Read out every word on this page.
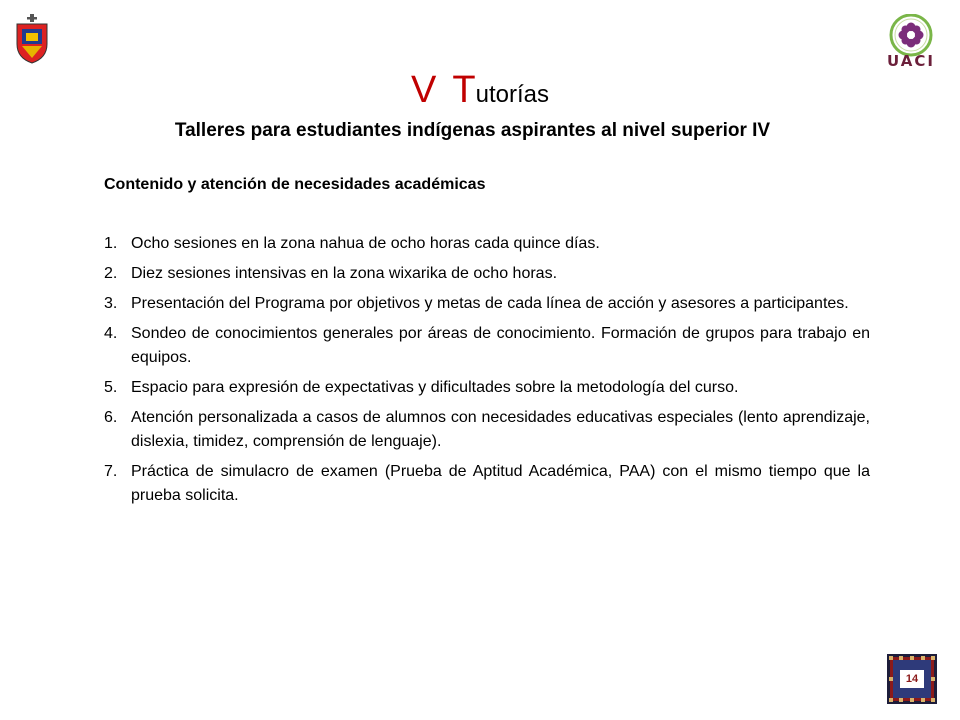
UACI
V Tutorías
Talleres para estudiantes indígenas aspirantes al nivel superior IV
Contenido y atención de necesidades académicas
1. Ocho sesiones en la zona nahua de ocho horas cada quince días.
2. Diez sesiones intensivas en la zona wixarika de ocho horas.
3. Presentación del Programa por objetivos y metas de cada línea de acción y asesores a participantes.
4. Sondeo de conocimientos generales por áreas de conocimiento. Formación de grupos para trabajo en equipos.
5. Espacio para expresión de expectativas y dificultades sobre la metodología del curso.
6. Atención personalizada a casos de alumnos con necesidades educativas especiales (lento aprendizaje, dislexia, timidez, comprensión de lenguaje).
7. Práctica de simulacro de examen (Prueba de Aptitud Académica, PAA) con el mismo tiempo que la prueba solicita.
14
